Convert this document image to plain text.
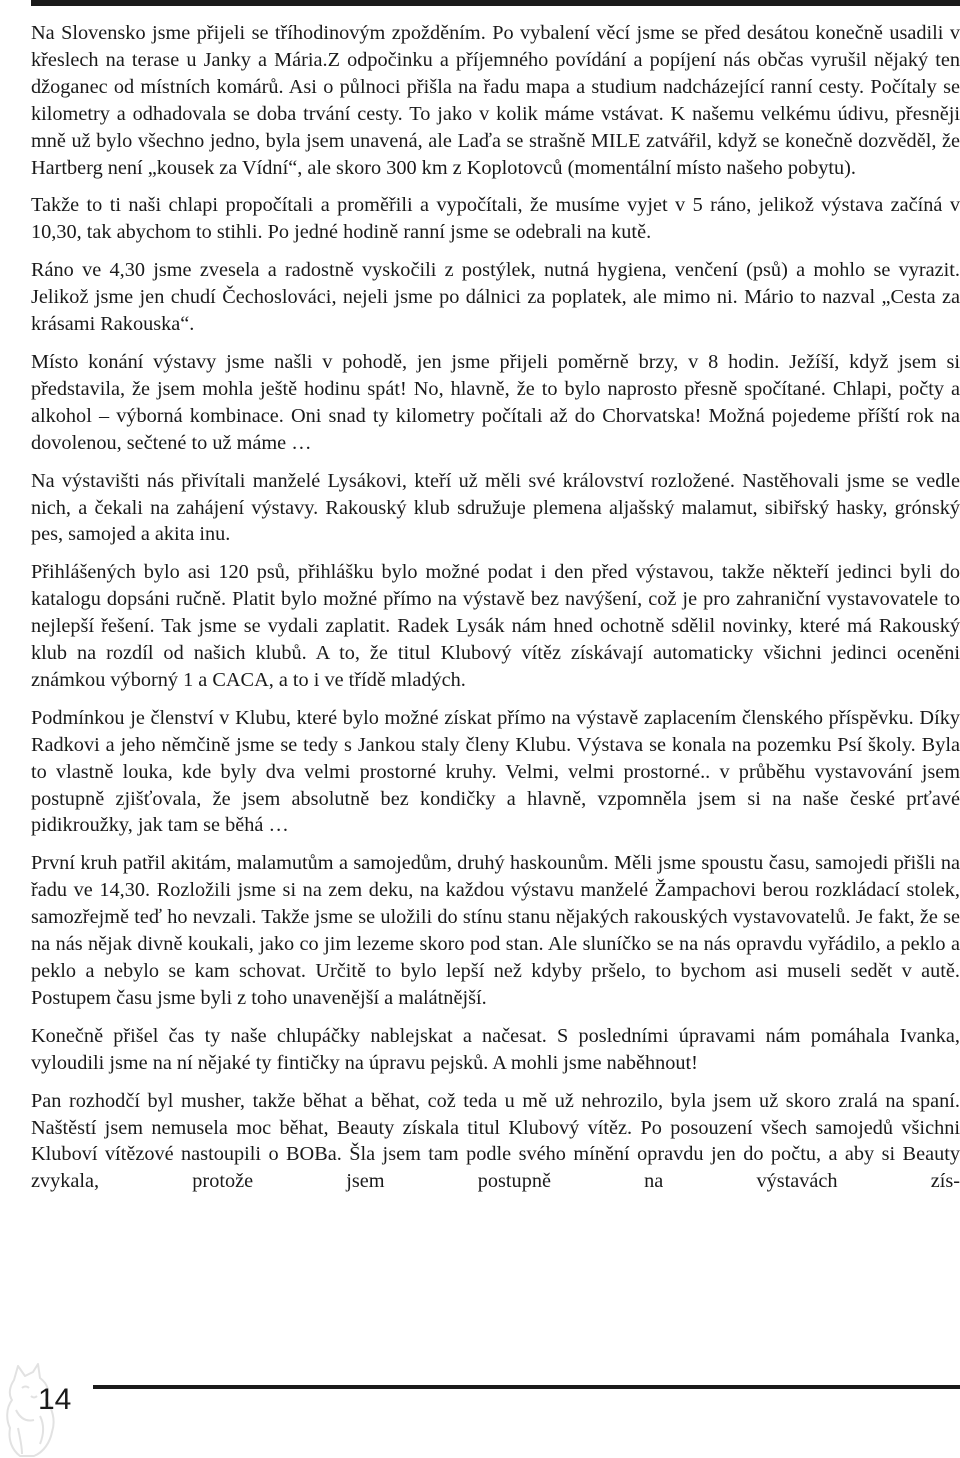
Na Slovensko jsme přijeli se tříhodinovým zpožděním. Po vybalení věcí jsme se před desátou konečně usadili v křeslech na terase u Janky a Mária.Z odpočinku a příjemného povídání a popíjení nás občas vyrušil nějaký ten džoganec od místních komárů. Asi o půlnoci přišla na řadu mapa a studium nadcházející ranní cesty. Počítaly se kilometry a odhadovala se doba trvání cesty. To jako v kolik máme vstávat. K našemu velkému údivu, přesněji mně už bylo všechno jedno, byla jsem unavená, ale Laďa se strašně MILE zatvářil, když se konečně dozvěděl, že Hartberg není „kousek za Vídní“, ale skoro 300 km z Koplotovců (momentální místo našeho pobytu).

Takže to ti naši chlapi propočítali a proměřili a vypočítali, že musíme vyjet v 5 ráno, jelikož výstava začíná v 10,30, tak abychom to stihli. Po jedné hodině ranní jsme se odebrali na kutě.

Ráno ve 4,30 jsme zvesela a radostně vyskočili z postýlek, nutná hygiena, venčení (psů) a mohlo se vyrazit. Jelikož jsme jen chudí Čechoslováci, nejeli jsme po dálnici za poplatek, ale mimo ni. Mário to nazval „Cesta za krásami Rakouska“.

Místo konání výstavy jsme našli v pohodě, jen jsme přijeli poměrně brzy, v 8 hodin. Ježíší, když jsem si představila, že jsem mohla ještě hodinu spát! No, hlavně, že to bylo naprosto přesně spočítané. Chlapi, počty a alkohol – výborná kombinace. Oni snad ty kilometry počítali až do Chorvatska! Možná pojedeme příští rok na dovolenou, sečtené to už máme …

Na výstavišti nás přivítali manželé Lysákovi, kteří už měli své království rozložené. Nastěhovali jsme se vedle nich, a čekali na zahájení výstavy. Rakouský klub sdružuje plemena aljašský malamut, sibiřský hasky, grónský pes, samojed a akita inu.

Přihlášených bylo asi 120 psů, přihlášku bylo možné podat i den před výstavou, takže někteří jedinci byli do katalogu dopsáni ručně. Platit bylo možné přímo na výstavě bez navýšení, což je pro zahraniční vystavovatele to nejlepší řešení. Tak jsme se vydali zaplatit. Radek Lysák nám hned ochotně sdělil novinky, které má Rakouský klub na rozdíl od našich klubů. A to, že titul Klubový vítěz získávají automaticky všichni jedinci oceněni známkou výborný 1 a CACA, a to i ve třídě mladých.

Podmínkou je členství v Klubu, které bylo možné získat přímo na výstavě zaplacením členského příspěvku. Díky Radkovi a jeho němčině jsme se tedy s Jankou staly členy Klubu. Výstava se konala na pozemku Psí školy. Byla to vlastně louka, kde byly dva velmi prostorné kruhy. Velmi, velmi prostorné.. v průběhu vystavování jsem postupně zjišťovala, že jsem absolutně bez kondičky a hlavně, vzpomněla jsem si na naše české prťavé pidikroužky, jak tam se běhá …

První kruh patřil akitám, malamutům a samojedům, druhý haskounům. Měli jsme spoustu času, samojedi přišli na řadu ve 14,30. Rozložili jsme si na zem deku, na každou výstavu manželé Žampachovi berou rozkládací stolek, samozřejmě teď ho nevzali. Takže jsme se uložili do stínu stanu nějakých rakouských vystavovatelů. Je fakt, že se na nás nějak divně koukali, jako co jim lezeme skoro pod stan. Ale sluníčko se na nás opravdu vyřádilo, a peklo a peklo a nebylo se kam schovat. Určitě to bylo lepší než kdyby pršelo, to bychom asi museli sedět v autě. Postupem času jsme byli z toho unavenější a malátnější.

Konečně přišel čas ty naše chlupáčky nablejskat a načesat. S posledními úpravami nám pomáhala Ivanka, vyloudili jsme na ní nějaké ty fintičky na úpravu pejsků. A mohli jsme naběhnout!

Pan rozhodčí byl musher, takže běhat a běhat, což teda u mě už nehrozilo, byla jsem už skoro zralá na spaní. Naštěstí jsem nemusela moc běhat, Beauty získala titul Klubový vítěz. Po posouzení všech samojedů všichni Kluboví vítězové nastoupili o BOBa. Šla jsem tam podle svého mínění opravdu jen do počtu, a aby si Beauty zvykala, protože jsem postupně na výstavách zís-

14
